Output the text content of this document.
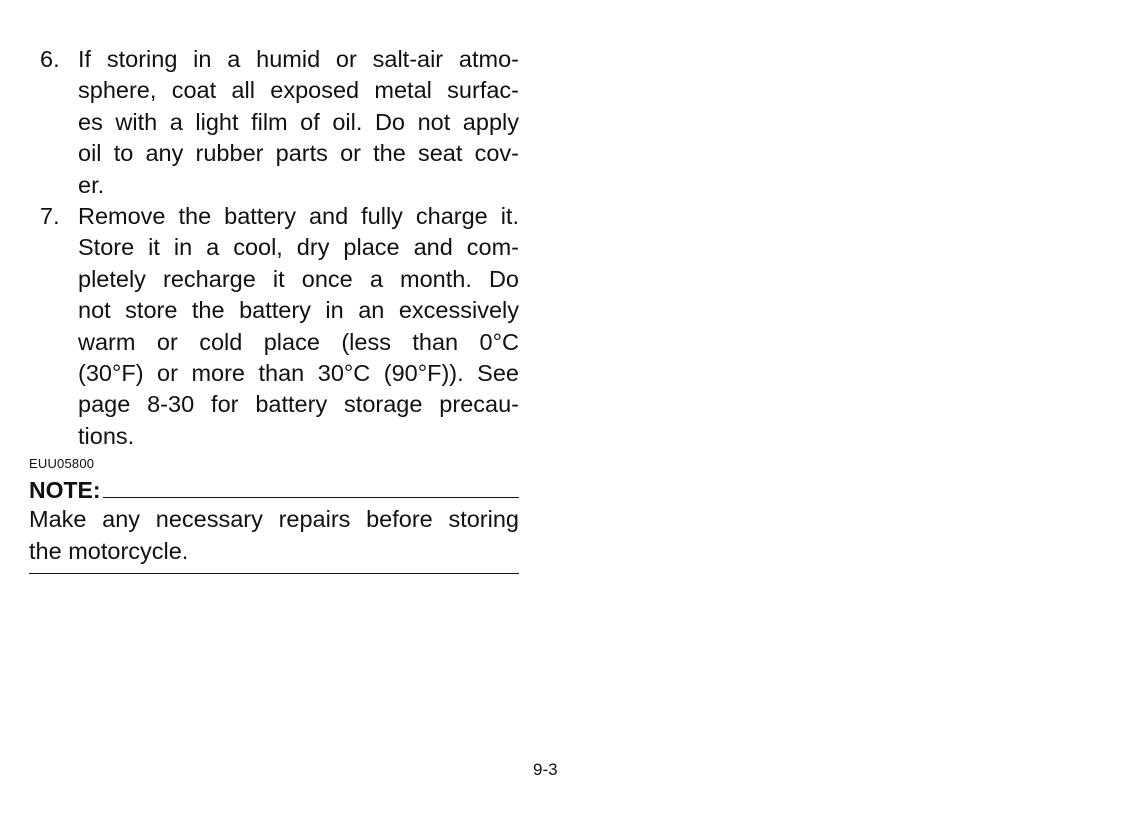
6. If storing in a humid or salt-air atmo-
sphere, coat all exposed metal surfac-
es with a light film of oil. Do not apply
oil to any rubber parts or the seat cov-
er.
7. Remove the battery and fully charge it.
Store it in a cool, dry place and com-
pletely recharge it once a month. Do
not store the battery in an excessively
warm or cold place (less than 0°C
(30°F) or more than 30°C (90°F)). See
page 8-30 for battery storage precau-
tions.
EUU05800
NOTE:
Make any necessary repairs before storing
the motorcycle.
9-3
